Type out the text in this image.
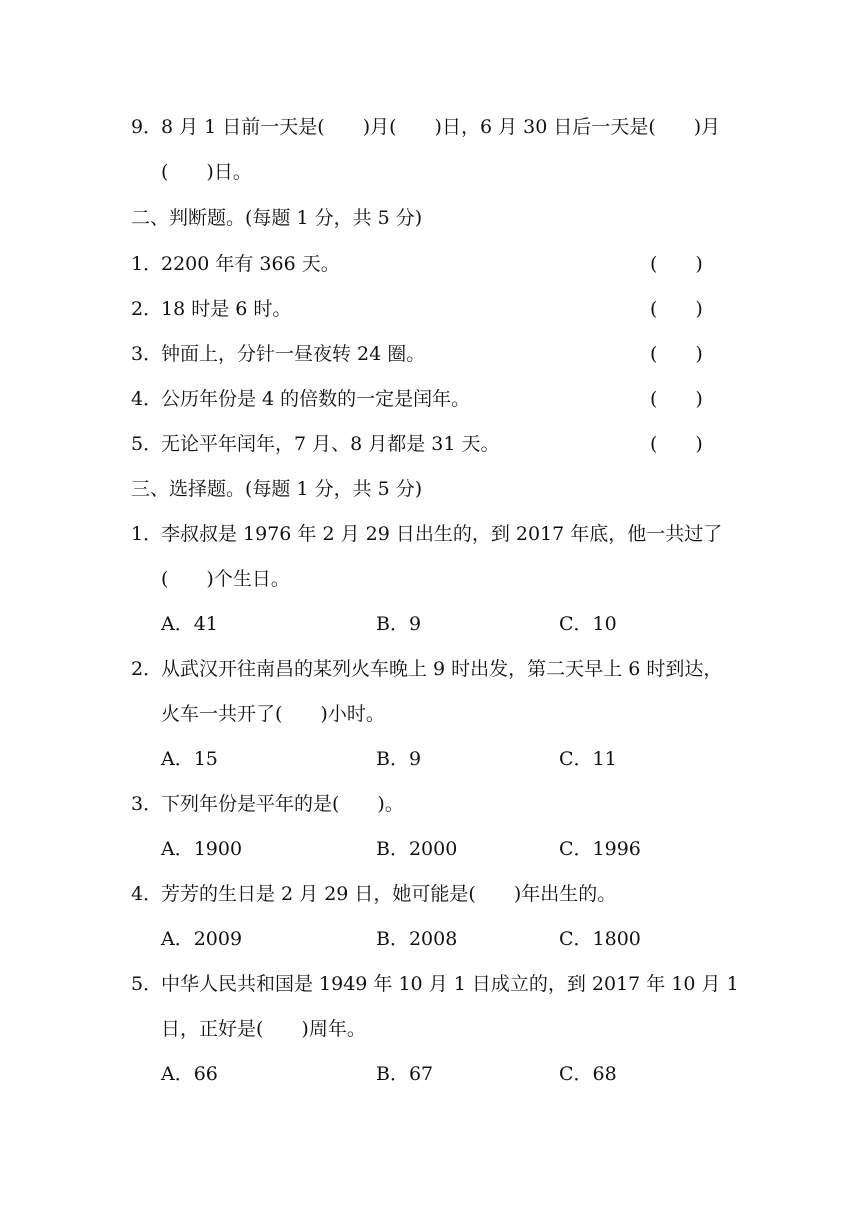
9．
8 月 1 日前一天是(　　)月(　　)日，6 月 30 日后一天是(　　)月
(　　)日。
二、判断题。(每题 1 分，共 5 分)
1．
2200 年有 366 天。	(　　)
2．
18 时是 6 时。	(　　)
3．
钟面上，分针一昼夜转 24 圈。	(　　)
4．
公历年份是 4 的倍数的一定是闰年。	(　　)
5．
无论平年闰年，7 月、8 月都是 31 天。	(　　)
三、选择题。(每题 1 分，共 5 分)
1．
李叔叔是 1976 年 2 月 29 日出生的，到 2017 年底，他一共过了
(　　)个生日。
A．41	B．9	C．10
2．
从武汉开往南昌的某列火车晚上 9 时出发，第二天早上 6 时到达，
火车一共开了(　　)小时。
A．15	B．9	C．11
3．
下列年份是平年的是(　　)。
A．1900	B．2000	C．1996
4．
芳芳的生日是 2 月 29 日，她可能是(　　)年出生的。
A．2009	B．2008	C．1800
5．
中华人民共和国是 1949 年 10 月 1 日成立的，到 2017 年 10 月 1
日，正好是(　　)周年。
A．66	B．67	C．68
